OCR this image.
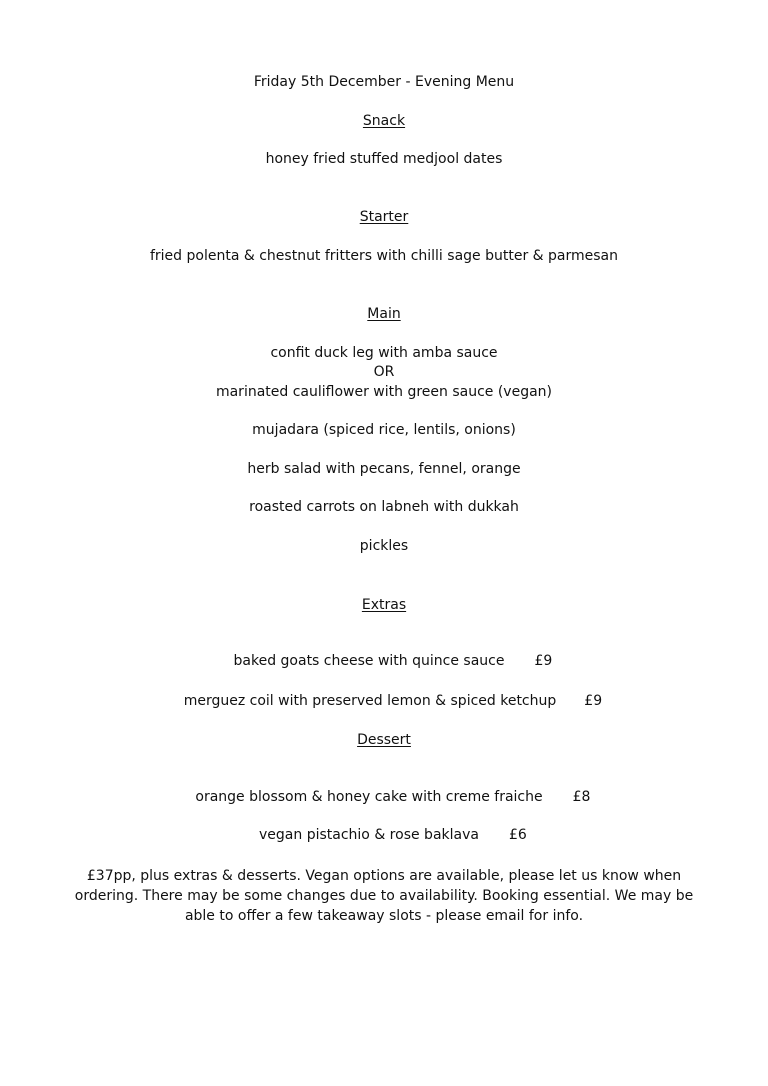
Friday 5th December - Evening Menu
Snack
honey fried stuffed medjool dates
Starter
fried polenta & chestnut fritters with chilli sage butter & parmesan
Main
confit duck leg with amba sauce
OR
marinated cauliflower with green sauce (vegan)
mujadara (spiced rice, lentils, onions)
herb salad with pecans, fennel, orange
roasted carrots on labneh with dukkah
pickles
Extras

baked goats cheese with quince sauce £9

merguez coil with preserved lemon & spiced ketchup £9

Dessert

orange blossom & honey cake with creme fraiche £8

vegan pistachio & rose baklava £6

£37pp, plus extras & desserts. Vegan options are available, please let us know when ordering. There may be some changes due to availability. Booking essential. We may be able to offer a few takeaway slots - please email for info.
